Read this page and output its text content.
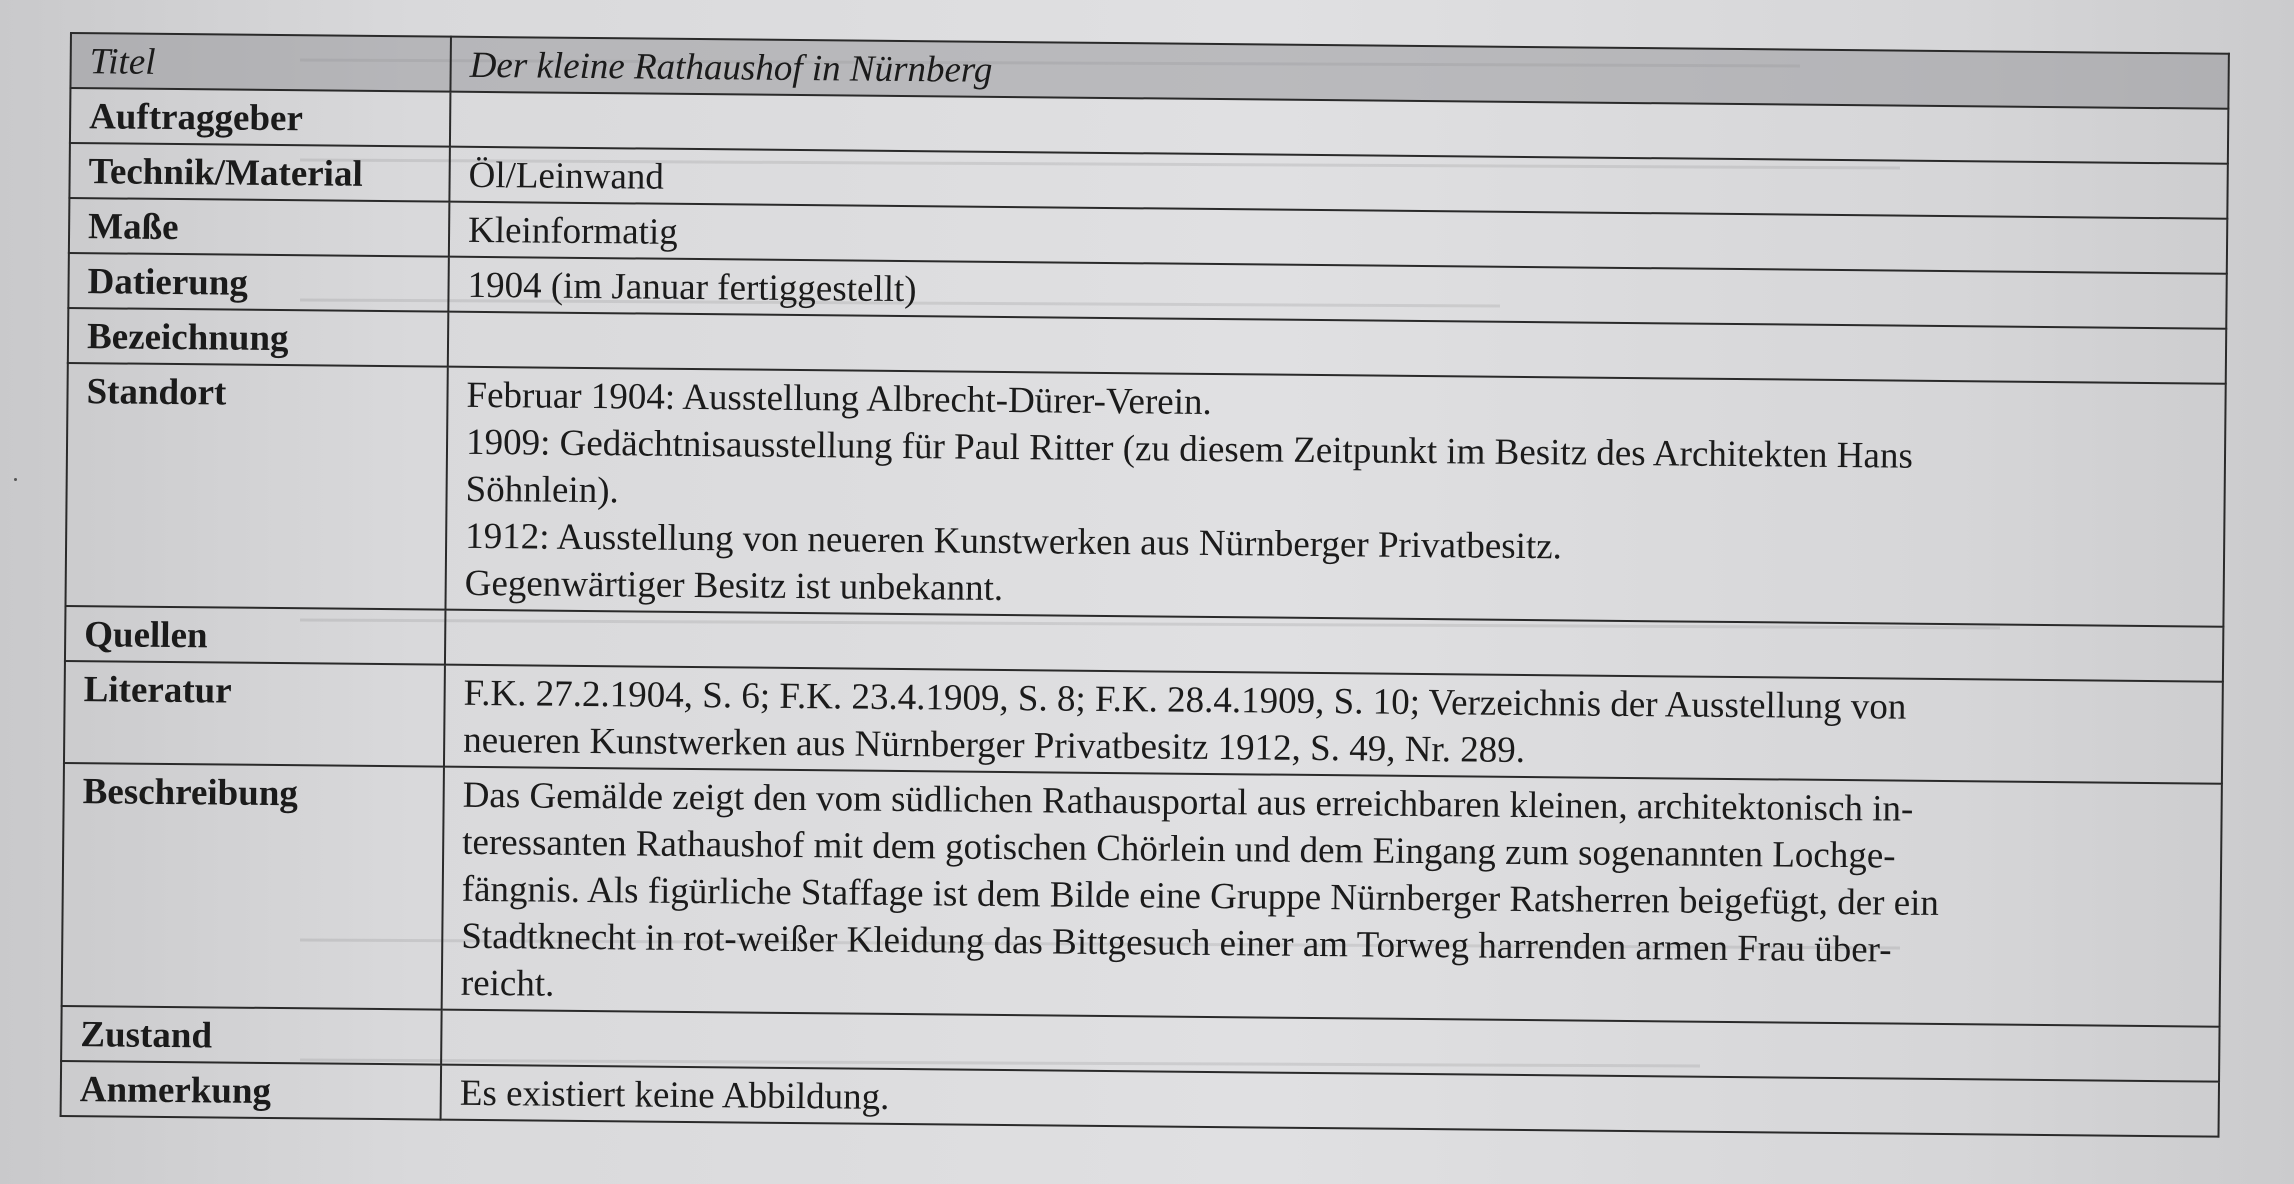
Titel	Der kleine Rathaushof in Nürnberg
Auftraggeber	
Technik/Material	Öl/Leinwand

Maße	Kleinformatig

Datierung	1904 (im Januar fertiggestellt)

Bezeichnung	
Standort	Februar 1904: Ausstellung Albrecht-Dürer-Verein.
1909: Gedächtnisausstellung für Paul Ritter (zu diesem Zeitpunkt im Besitz des Architekten Hans
Söhnlein).
1912: Ausstellung von neueren Kunstwerken aus Nürnberger Privatbesitz.
Gegenwärtiger Besitz ist unbekannt.

Quellen	
Literatur	F.K. 27.2.1904, S. 6; F.K. 23.4.1909, S. 8; F.K. 28.4.1909, S. 10; Verzeichnis der Ausstellung von
neueren Kunstwerken aus Nürnberger Privatbesitz 1912, S. 49, Nr. 289.

Beschreibung	Das Gemälde zeigt den vom südlichen Rathausportal aus erreichbaren kleinen, architektonisch in-
teressanten Rathaushof mit dem gotischen Chörlein und dem Eingang zum sogenannten Lochge-
fängnis. Als figürliche Staffage ist dem Bilde eine Gruppe Nürnberger Ratsherren beigefügt, der ein
Stadtknecht in rot-weißer Kleidung das Bittgesuch einer am Torweg harrenden armen Frau über-
reicht.

Zustand	
Anmerkung	Es existiert keine Abbildung.
